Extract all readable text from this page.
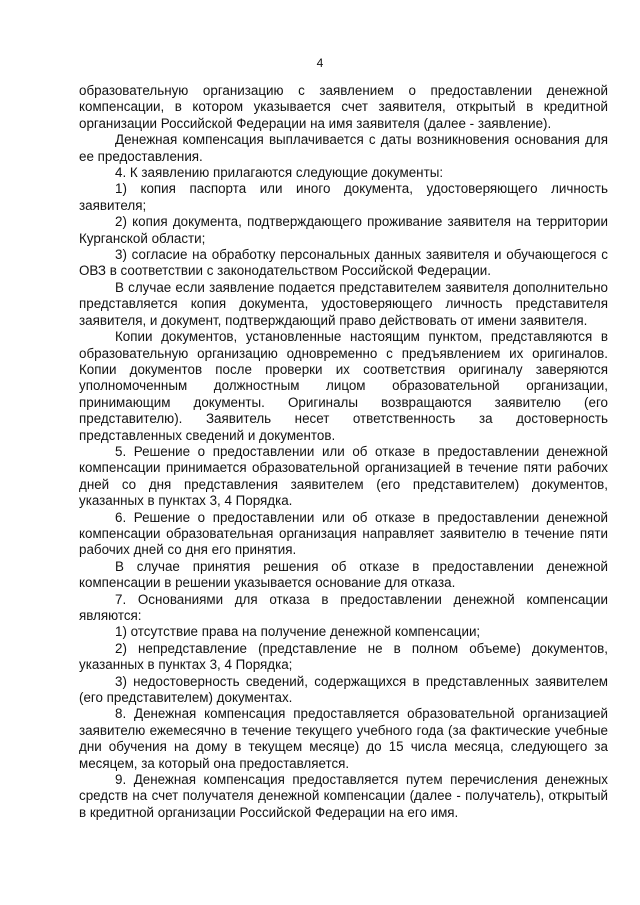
4

образовательную организацию с заявлением о предоставлении денежной компенсации, в котором указывается счет заявителя, открытый в кредитной организации Российской Федерации на имя заявителя (далее - заявление).

Денежная компенсация выплачивается с даты возникновения основания для ее предоставления.

4. К заявлению прилагаются следующие документы:

1) копия паспорта или иного документа, удостоверяющего личность заявителя;

2) копия документа, подтверждающего проживание заявителя на территории Курганской области;

3) согласие на обработку персональных данных заявителя и обучающегося с ОВЗ в соответствии с законодательством Российской Федерации.

В случае если заявление подается представителем заявителя дополнительно представляется копия документа, удостоверяющего личность представителя заявителя, и документ, подтверждающий право действовать от имени заявителя.

Копии документов, установленные настоящим пунктом, представляются в образовательную организацию одновременно с предъявлением их оригиналов. Копии документов после проверки их соответствия оригиналу заверяются уполномоченным должностным лицом образовательной организации, принимающим документы. Оригиналы возвращаются заявителю (его представителю). Заявитель несет ответственность за достоверность представленных сведений и документов.

5. Решение о предоставлении или об отказе в предоставлении денежной компенсации принимается образовательной организацией в течение пяти рабочих дней со дня представления заявителем (его представителем) документов, указанных в пунктах 3, 4 Порядка.

6. Решение о предоставлении или об отказе в предоставлении денежной компенсации образовательная организация направляет заявителю в течение пяти рабочих дней со дня его принятия.

В случае принятия решения об отказе в предоставлении денежной компенсации в решении указывается основание для отказа.

7. Основаниями для отказа в предоставлении денежной компенсации являются:

1) отсутствие права на получение денежной компенсации;

2) непредставление (представление не в полном объеме) документов, указанных в пунктах 3, 4 Порядка;

3) недостоверность сведений, содержащихся в представленных заявителем (его представителем) документах.

8. Денежная компенсация предоставляется образовательной организацией заявителю ежемесячно в течение текущего учебного года (за фактические учебные дни обучения на дому в текущем месяце) до 15 числа месяца, следующего за месяцем, за который она предоставляется.

9. Денежная компенсация предоставляется путем перечисления денежных средств на счет получателя денежной компенсации (далее - получатель), открытый в кредитной организации Российской Федерации на его имя.
